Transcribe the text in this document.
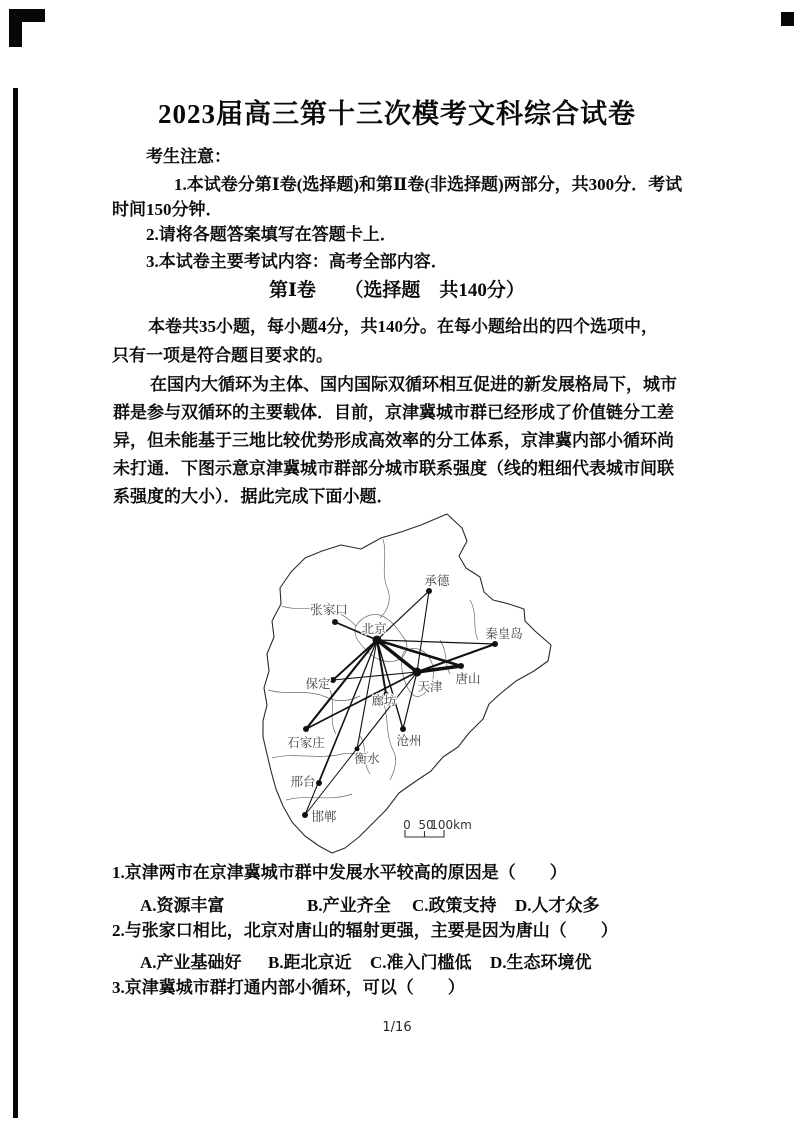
2023届高三第十三次模考文科综合试卷
考生注意：
1.本试卷分第Ⅰ卷(选择题)和第Ⅱ卷(非选择题)两部分，共300分．考试
时间150分钟．
2.请将各题答案填写在答题卡上．
3.本试卷主要考试内容：高考全部内容．
第Ⅰ卷　　（选择题　共140分）
本卷共35小题，每小题4分，共140分。在每小题给出的四个选项中，
只有一项是符合题目要求的。
在国内大循环为主体、国内国际双循环相互促进的新发展格局下，城市
群是参与双循环的主要载体．目前，京津冀城市群已经形成了价值链分工差
异，但未能基于三地比较优势形成高效率的分工体系，京津冀内部小循环尚
未打通．下图示意京津冀城市群部分城市联系强度（线的粗细代表城市间联
系强度的大小）．据此完成下面小题．
承德
张家口
北京	秦皇岛
保定	天津
唐山
廊坊
石家庄	沧州
衡水
邢台
邯郸
0 50
100km
1.京津两市在京津冀城市群中发展水平较高的原因是（　　）
A.资源丰富	B.产业齐全 C.政策支持 D.人才众多
2.与张家口相比，北京对唐山的辐射更强，主要是因为唐山（　　）
A.产业基础好 B.距北京近 C.准入门槛低 D.生态环境优
3.京津冀城市群打通内部小循环，可以（　　）
1/16
